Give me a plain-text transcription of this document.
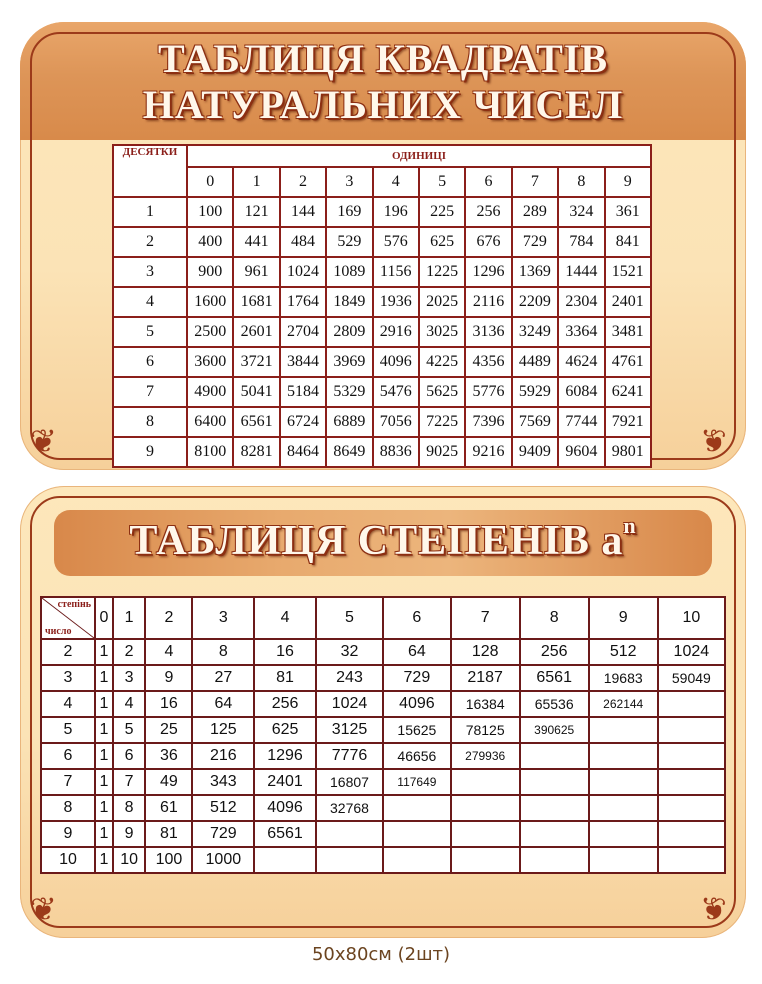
ТАБЛИЦЯ КВАДРАТІВ
НАТУРАЛЬНИХ ЧИСЕЛ
❦	❦
ДЕСЯТКИ	ОДИНИЦІ									
	0	1	2	3	4	5	6	7	8	9
1	100	121	144	169	196	225	256	289	324	361
2	400	441	484	529	576	625	676	729	784	841
3	900	961	1024	1089	1156	1225	1296	1369	1444	1521
4	1600	1681	1764	1849	1936	2025	2116	2209	2304	2401
5	2500	2601	2704	2809	2916	3025	3136	3249	3364	3481
6	3600	3721	3844	3969	4096	4225	4356	4489	4624	4761
7	4900	5041	5184	5329	5476	5625	5776	5929	6084	6241
8	6400	6561	6724	6889	7056	7225	7396	7569	7744	7921
9	8100	8281	8464	8649	8836	9025	9216	9409	9604	9801
ТАБЛИЦЯ СТЕПЕНІВ $a^n$
❦	❦
степінь
число	0	1	2	3	4	5	6	7	8	9	10
2	1	2	4	8	16	32	64	128	256	512	1024
3	1	3	9	27	81	243	729	2187	6561	19683	59049
4	1	4	16	64	256	1024	4096	16384	65536	262144	
5	1	5	25	125	625	3125	15625	78125	390625		
6	1	6	36	216	1296	7776	46656	279936			
7	1	7	49	343	2401	16807	117649				
8	1	8	61	512	4096	32768					
9	1	9	81	729	6561						
10	1	10	100	1000							
50x80см (2шт)
